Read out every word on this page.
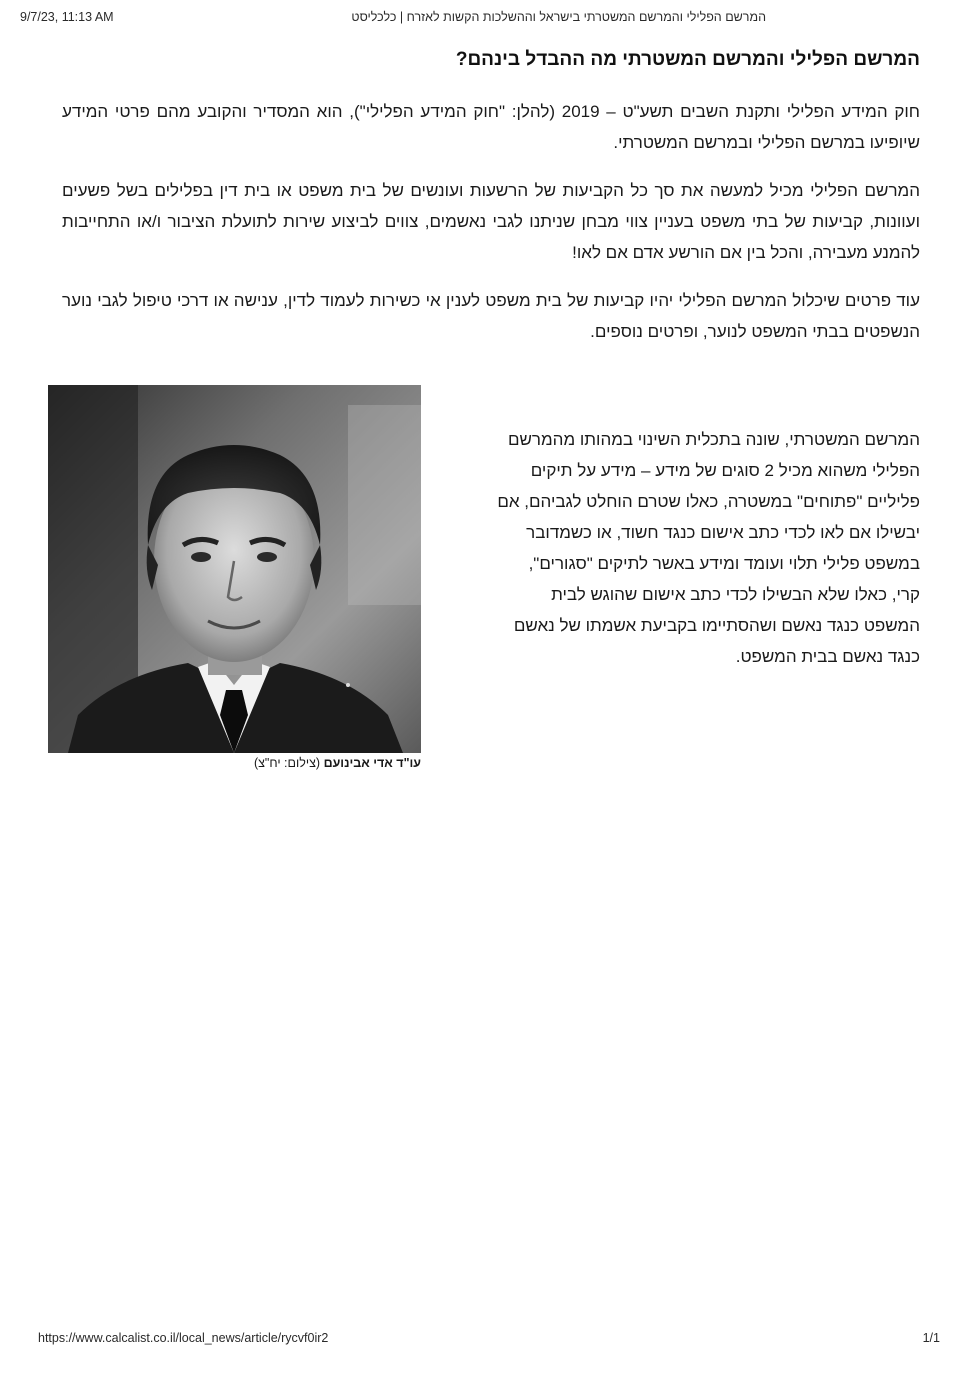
9/7/23, 11:13 AM	המרשם הפלילי והמרשם המשטרתי בישראל וההשלכות הקשות לאזרח | כלכליסט
המרשם הפלילי והמרשם המשטרתי מה ההבדל בינהם?

חוק המידע הפלילי ותקנת השבים תשע"ט – 2019 (להלן: "חוק המידע הפלילי"), הוא המסדיר והקובע מהם פרטי המידע שיופיעו במרשם הפלילי ובמרשם המשטרתי.

המרשם הפלילי מכיל למעשה את סך כל הקביעות של הרשעות ועונשים של בית משפט או בית דין בפלילים בשל פשעים ועוונות, קביעות של בתי משפט בעניין צווי מבחן שניתנו לגבי נאשמים, צווים לביצוע שירות לתועלת הציבור ו/או התחייבות להמנע מעבירה, והכל בין אם הורשע אדם אם לאו!

עוד פרטים שיכלול המרשם הפלילי יהיו קביעות של בית משפט לענין אי כשירות לעמוד לדין, ענישה או דרכי טיפול לגבי נוער הנשפטים בבתי המשפט לנוער, ופרטים נוספים.

המרשם המשטרתי, שונה בתכלית השינוי במהותו מהמרשם
הפלילי משהוא מכיל 2 סוגים של מידע – מידע על תיקים
פליליים "פתוחים" במשטרה, כאלו שטרם הוחלט לגביהם, אם
יבשילו אם לאו לכדי כתב אישום כנגד חשוד, או כשמדובר
במשפט פלילי תלוי ועומד ומידע באשר לתיקים "סגורים",
קרי, כאלו שלא הבשילו לכדי כתב אישום שהוגש לבית
המשפט כנגד נאשם ושהסתיימו בקביעת אשמתו של נאשם
כנגד נאשם בבית המשפט.
עו"ד אדי אבינועם (צילום: יח"צ)
https://www.calcalist.co.il/local_news/article/rycvf0ir2	1/1
